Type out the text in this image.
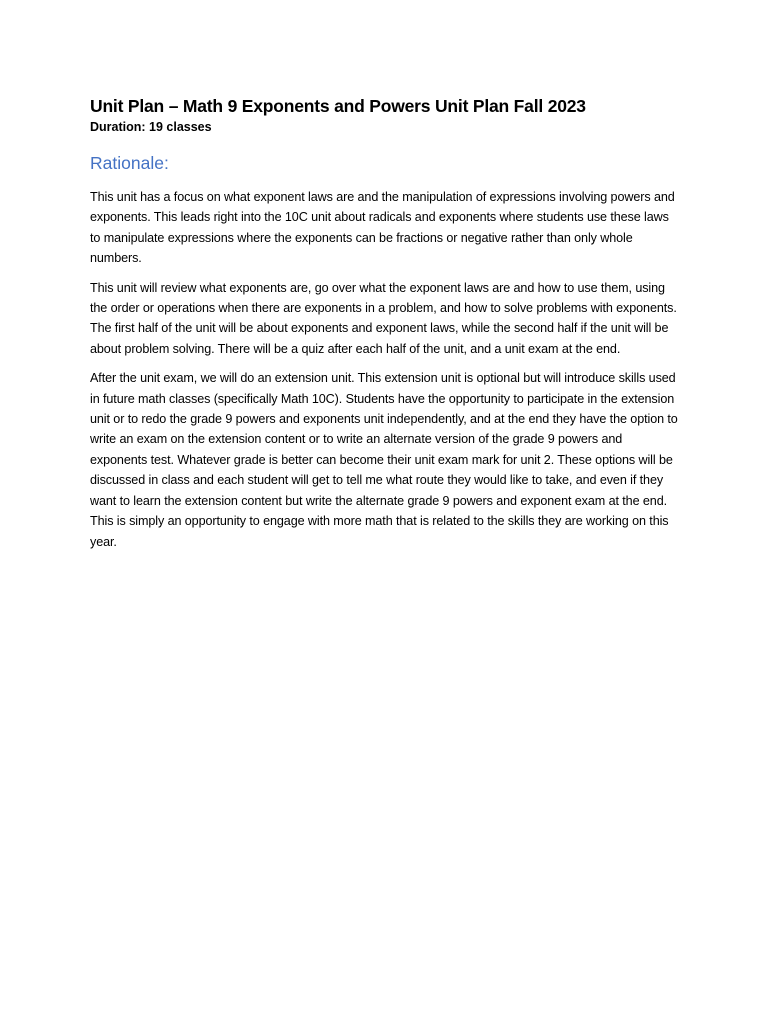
Unit Plan – Math 9 Exponents and Powers Unit Plan Fall 2023

Duration: 19 classes

Rationale:

This unit has a focus on what exponent laws are and the manipulation of expressions involving powers and exponents. This leads right into the 10C unit about radicals and exponents where students use these laws to manipulate expressions where the exponents can be fractions or negative rather than only whole numbers.

This unit will review what exponents are, go over what the exponent laws are and how to use them, using the order or operations when there are exponents in a problem, and how to solve problems with exponents. The first half of the unit will be about exponents and exponent laws, while the second half if the unit will be about problem solving. There will be a quiz after each half of the unit, and a unit exam at the end.

After the unit exam, we will do an extension unit. This extension unit is optional but will introduce skills used in future math classes (specifically Math 10C). Students have the opportunity to participate in the extension unit or to redo the grade 9 powers and exponents unit independently, and at the end they have the option to write an exam on the extension content or to write an alternate version of the grade 9 powers and exponents test. Whatever grade is better can become their unit exam mark for unit 2. These options will be discussed in class and each student will get to tell me what route they would like to take, and even if they want to learn the extension content but write the alternate grade 9 powers and exponent exam at the end. This is simply an opportunity to engage with more math that is related to the skills they are working on this year.
